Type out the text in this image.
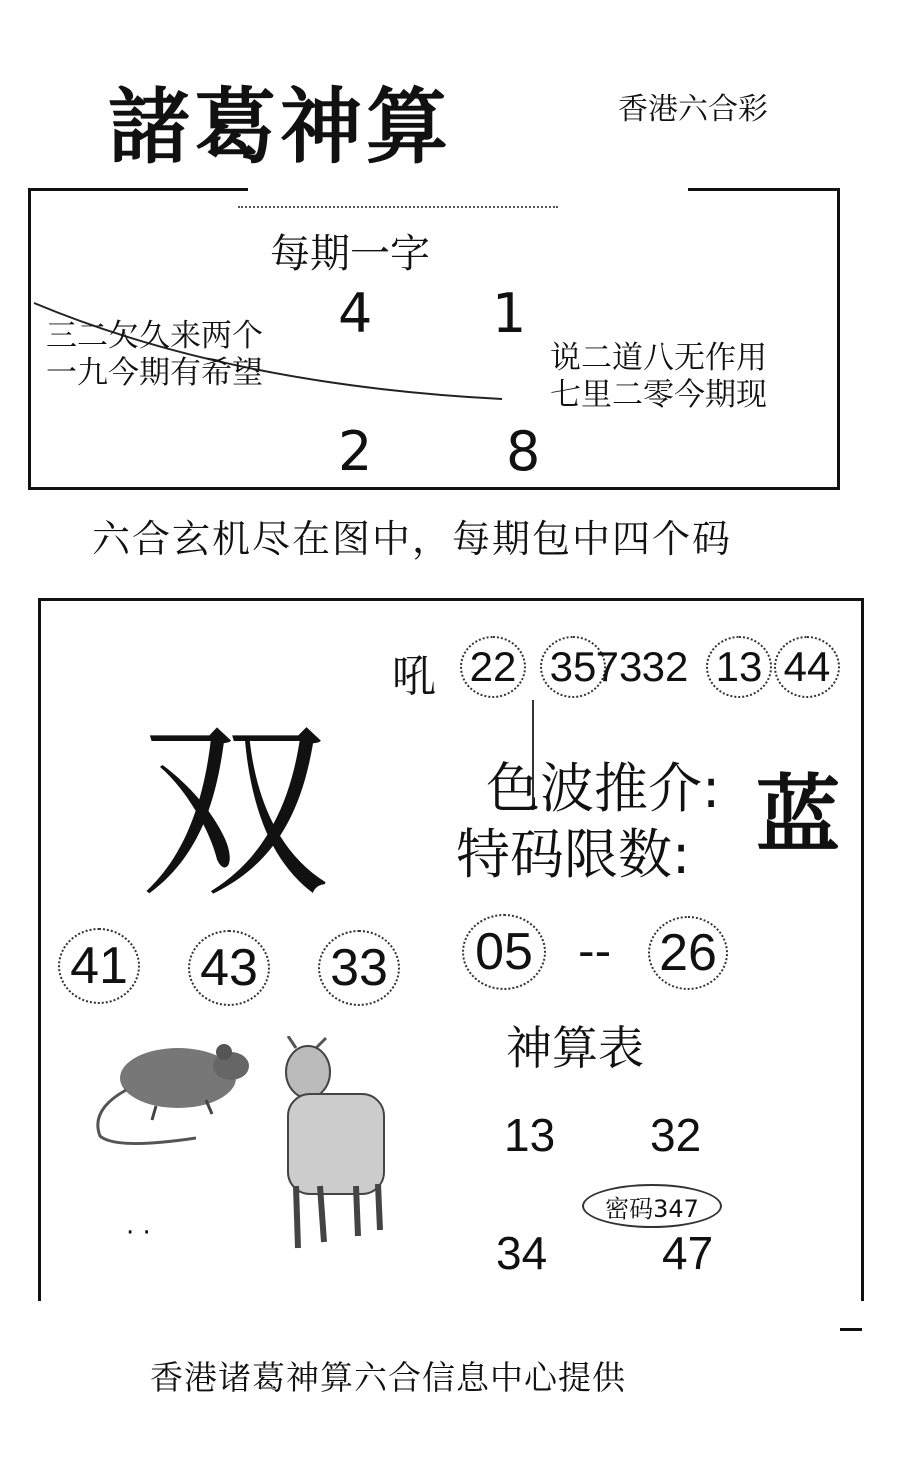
諸葛神算	香港六合彩
每期一字
4 1
2 8
三二欠久来两个
一九今期有希望	说二道八无作用
七里二零今期现
六合玄机尽在图中，每期包中四个码
双
吼 22 35 73 32 13 44
色波推介: 蓝
特码限数:
41 43 33 05 -- 26
· ·
神算表
13 32
34 47
密码347
香港诸葛神算六合信息中心提供
